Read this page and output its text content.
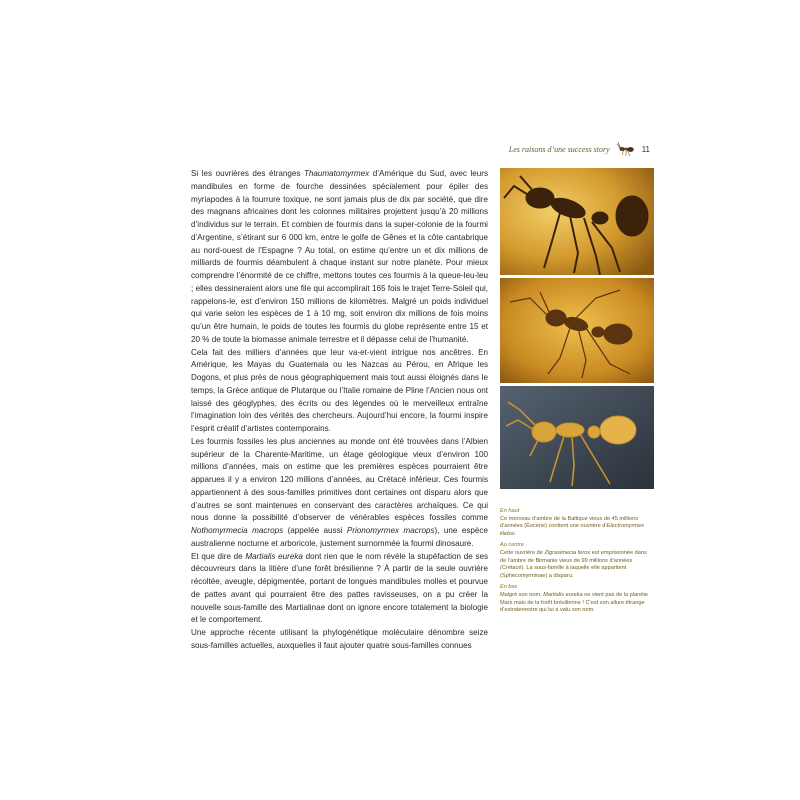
Les raisons d’une success story	11

Si les ouvrières des étranges Thaumatomyrmex d’Amérique du Sud, avec leurs mandibules en forme de fourche dessinées spécialement pour épiler des myriapodes à la fourrure toxique, ne sont jamais plus de dix par société, que dire des magnans africaines dont les colonnes militaires projettent jusqu’à 20 millions d’individus sur le terrain. Et combien de fourmis dans la super-colonie de la fourmi d’Argentine, s’étirant sur 6 000 km, entre le golfe de Gênes et la côte cantabrique au nord-ouest de l’Espagne ? Au total, on estime qu’entre un et dix millions de milliards de fourmis déambulent à chaque instant sur notre planète. Pour mieux comprendre l’énormité de ce chiffre, mettons toutes ces fourmis à la queue-leu-leu ; elles dessineraient alors une file qui accomplirait 165 fois le trajet Terre-Soleil qui, rappelons-le, est d’environ 150 millions de kilomètres. Malgré un poids individuel qui varie selon les espèces de 1 à 10 mg, soit environ dix millions de fois moins qu’un être humain, le poids de toutes les fourmis du globe représente entre 15 et 20 % de toute la biomasse animale terrestre et il dépasse celui de l’humanité.

Cela fait des milliers d’années que leur va-et-vient intrigue nos ancêtres. En Amérique, les Mayas du Guatemala ou les Nazcas au Pérou, en Afrique les Dogons, et plus près de nous géographiquement mais tout aussi éloignés dans le temps, la Grèce antique de Plutarque ou l’Italie romaine de Pline l’Ancien nous ont laissé des géoglyphes, des écrits ou des légendes où le merveilleux entraîne l’imagination loin des vérités des chercheurs. Aujourd’hui encore, la fourmi inspire l’esprit créatif d’artistes contemporains.

Les fourmis fossiles les plus anciennes au monde ont été trouvées dans l’Albien supérieur de la Charente-Maritime, un étage géologique vieux d’environ 100 millions d’années, mais on estime que les premières espèces pourraient être apparues il y a environ 120 millions d’années, au Crétacé inférieur. Ces fourmis appartiennent à des sous-familles primitives dont certaines ont disparu alors que d’autres se sont maintenues en conservant des caractères archaïques. Ce qui nous donne la possibilité d’observer de vénérables espèces fossiles comme Nothomyrmecia macrops (appelée aussi Prionomyrmex macrops), une espèce australienne nocturne et arboricole, justement surnommée la fourmi dinosaure.

Et que dire de Martialis eureka dont rien que le nom révèle la stupéfaction de ses découvreurs dans la litière d’une forêt brésilienne ? À partir de la seule ouvrière récoltée, aveugle, dépigmentée, portant de longues mandibules molles et pourvue de pattes avant qui pourraient être des pattes ravisseuses, on a pu créer la nouvelle sous-famille des Martialinae dont on ignore encore totalement la biologie et le comportement.

Une approche récente utilisant la phylogénétique moléculaire dénombre seize sous-familles actuelles, auxquelles il faut ajouter quatre sous-familles connues

En haut
Ce morceau d’ambre de la Baltique vieux de 45 millions d’années (Éocène) contient une ouvrière d’Electromyrmex klebsi.
Au centre
Cette ouvrière de Zigrasimecia ferox est emprisonnée dans de l’ambre de Birmanie vieux de 99 millions d’années (Crétacé). La sous-famille à laquelle elle appartient (Sphecomyrminae) a disparu.
En bas
Malgré son nom, Martialis eureka ne vient pas de la planète Mars mais de la forêt brésilienne ! C’est son allure étrange d’extraterrestre qui lui a valu son nom.
